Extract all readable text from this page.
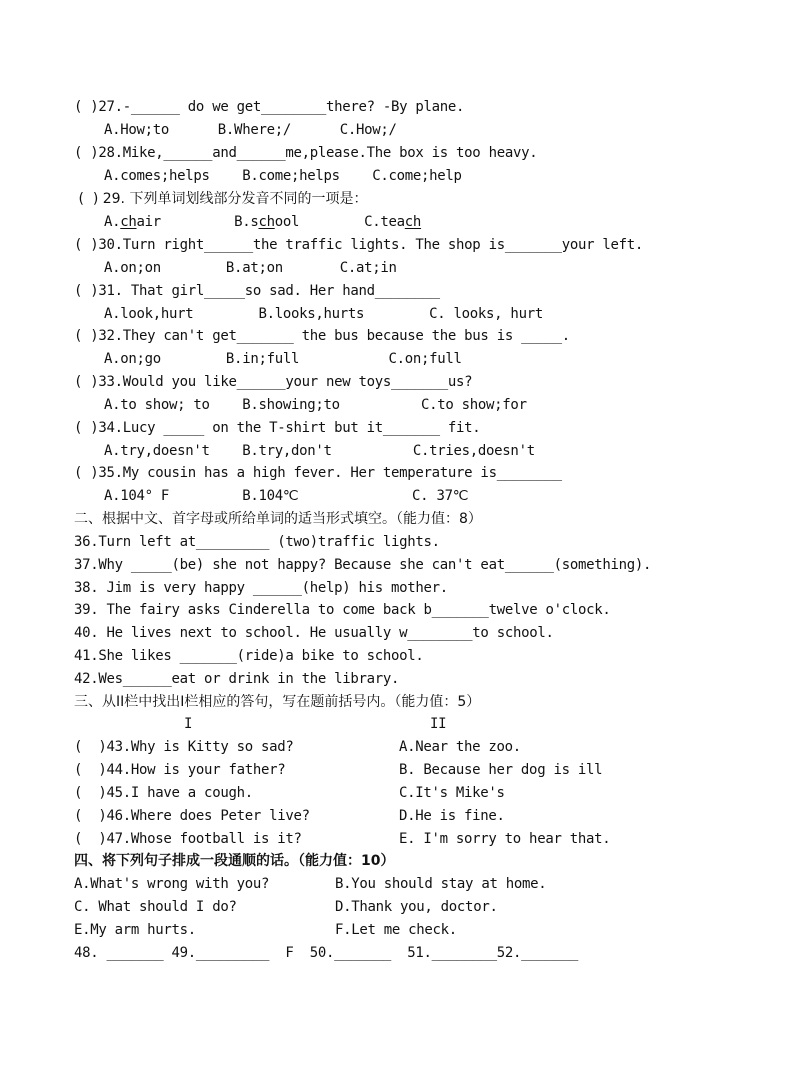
( )27.-______ do we get________there? -By plane.
A.How;to      B.Where;/      C.How;/
( )28.Mike,______and______me,please.The box is too heavy.
A.comes;helps    B.come;helps    C.come;help
(  ) 29. 下列单词划线部分发音不同的一项是：
A.chair         B.school        C.teach
( )30.Turn right______the traffic lights. The shop is_______your left.
A.on;on        B.at;on       C.at;in
( )31. That girl_____so sad. Her hand________
A.look,hurt        B.looks,hurts        C. looks, hurt
( )32.They can't get_______ the bus because the bus is _____.
A.on;go        B.in;full           C.on;full
( )33.Would you like______your new toys_______us?
A.to show; to    B.showing;to          C.to show;for
( )34.Lucy _____ on the T-shirt but it_______ fit.
A.try,doesn't    B.try,don't          C.tries,doesn't
( )35.My cousin has a high fever. Her temperature is________
A.104° F         B.104℃              C. 37℃
二、根据中文、首字母或所给单词的适当形式填空。（能力值：8）
36.Turn left at_________ (two)traffic lights.
37.Why _____(be) she not happy? Because she can't eat______(something).
38. Jim is very happy ______(help) his mother.
39. The fairy asks Cinderella to come back b_______twelve o'clock.
40. He lives next to school. He usually w________to school.
41.She likes _______(ride)a bike to school.
42.Wes______eat or drink in the library.
三、从II栏中找出I栏相应的答句，写在题前括号内。（能力值：5）
I	II
(  )43.Why is Kitty so sad?	A.Near the zoo.
(  )44.How is your father?	B. Because her dog is ill
(  )45.I have a cough.	C.It's Mike's
(  )46.Where does Peter live?	D.He is fine.
(  )47.Whose football is it?	E. I'm sorry to hear that.
四、将下列句子排成一段通顺的话。（能力值：10）
A.What's wrong with you?	B.You should stay at home.
C. What should I do?	D.Thank you, doctor.
E.My arm hurts.	F.Let me check.
48. _______ 49._________  F  50._______  51.________52._______
